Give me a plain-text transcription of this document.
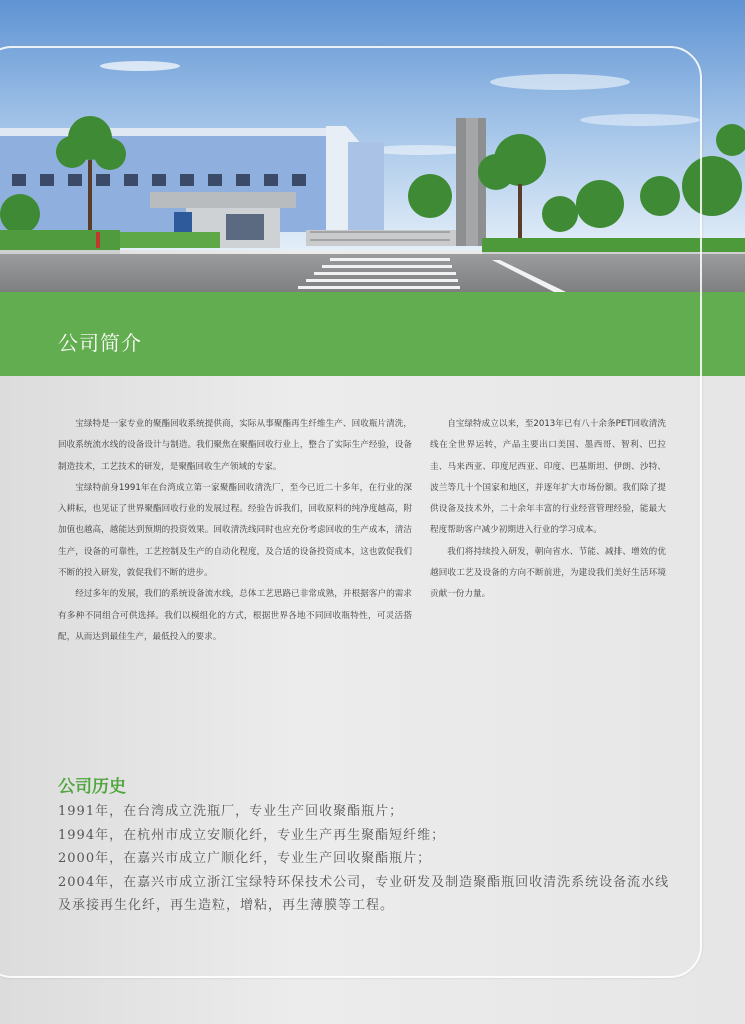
公司简介

宝绿特是一家专业的聚酯回收系统提供商，实际从事聚酯再生纤维生产、回收瓶片清洗，回收系统流水线的设备设计与制造。我们聚焦在聚酯回收行业上，整合了实际生产经验，设备制造技术，工艺技术的研发，是聚酯回收生产领域的专家。

宝绿特前身1991年在台湾成立第一家聚酯回收清洗厂，至今已近二十多年，在行业的深入耕耘，也见证了世界聚酯回收行业的发展过程。经验告诉我们，回收原料的纯净度越高，附加值也越高，越能达到预期的投资效果。回收清洗线同时也应充份考虑回收的生产成本，清洁生产，设备的可靠性，工艺控制及生产的自动化程度，及合适的设备投资成本，这也敦促我们不断的投入研发，敦促我们不断的进步。

经过多年的发展，我们的系统设备流水线，总体工艺思路已非常成熟，并根据客户的需求有多种不同组合可供选择。我们以模组化的方式，根据世界各地不同回收瓶特性，可灵活搭配，从而达到最佳生产，最低投入的要求。

自宝绿特成立以来，至2013年已有八十余条PET回收清洗线在全世界运转，产品主要出口美国、墨西哥、智利、巴拉圭、马来西亚、印度尼西亚、印度、巴基斯坦、伊朗、沙特、波兰等几十个国家和地区，并逐年扩大市场份额。我们除了提供设备及技术外，二十余年丰富的行业经营管理经验，能最大程度帮助客户减少初期进入行业的学习成本。

我们将持续投入研发，朝向省水、节能、减排、增效的优越回收工艺及设备的方向不断前进，为建设我们美好生活环境贡献一份力量。

公司历史
1991年，在台湾成立洗瓶厂，专业生产回收聚酯瓶片；
1994年，在杭州市成立安顺化纤，专业生产再生聚酯短纤维；
2000年，在嘉兴市成立广顺化纤，专业生产回收聚酯瓶片；
2004年，在嘉兴市成立浙江宝绿特环保技术公司，专业研发及制造聚酯瓶回收清洗系统设备流水线及承接再生化纤，再生造粒，增粘，再生薄膜等工程。
